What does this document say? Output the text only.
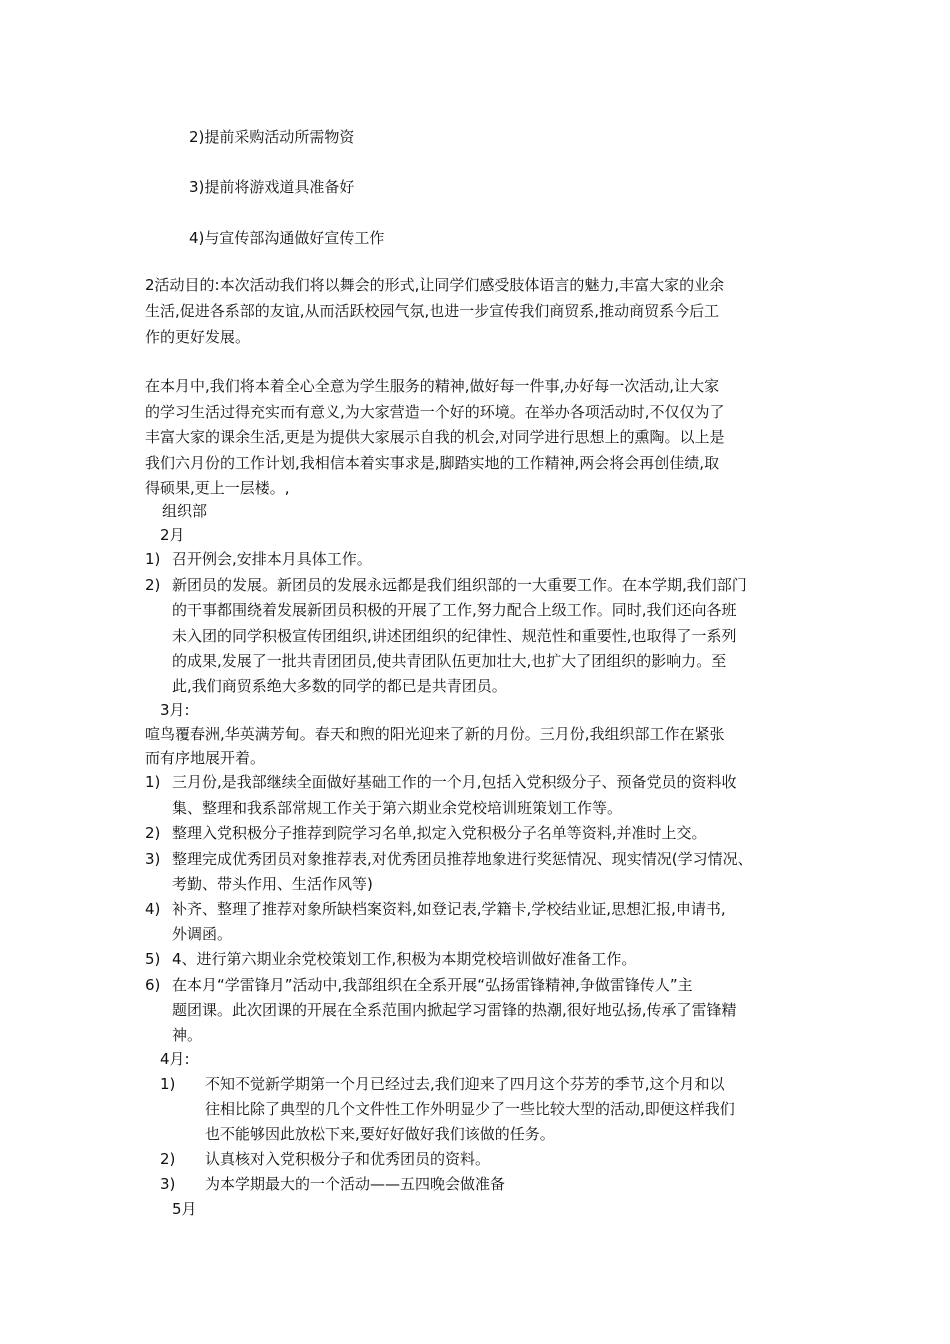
2)提前采购活动所需物资
3)提前将游戏道具准备好
4)与宣传部沟通做好宣传工作
2活动目的:本次活动我们将以舞会的形式,让同学们感受肢体语言的魅力,丰富大家的业余
生活,促进各系部的友谊,从而活跃校园气氛,也进一步宣传我们商贸系,推动商贸系今后工
作的更好发展。
在本月中,我们将本着全心全意为学生服务的精神,做好每一件事,办好每一次活动,让大家
的学习生活过得充实而有意义,为大家营造一个好的环境。在举办各项活动时,不仅仅为了
丰富大家的课余生活,更是为提供大家展示自我的机会,对同学进行思想上的熏陶。以上是
我们六月份的工作计划,我相信本着实事求是,脚踏实地的工作精神,两会将会再创佳绩,取
得硕果,更上一层楼。,
组织部
2月
1) 召开例会,安排本月具体工作。
2) 新团员的发展。新团员的发展永远都是我们组织部的一大重要工作。在本学期,我们部门
的干事都围绕着发展新团员积极的开展了工作,努力配合上级工作。同时,我们还向各班
未入团的同学积极宣传团组织,讲述团组织的纪律性、规范性和重要性,也取得了一系列
的成果,发展了一批共青团团员,使共青团队伍更加壮大,也扩大了团组织的影响力。至
此,我们商贸系绝大多数的同学的都已是共青团员。
3月:
喧鸟覆春洲,华英满芳甸。春天和煦的阳光迎来了新的月份。三月份,我组织部工作在紧张
而有序地展开着。
1) 三月份,是我部继续全面做好基础工作的一个月,包括入党积级分子、预备党员的资料收
集、整理和我系部常规工作关于第六期业余党校培训班策划工作等。
2) 整理入党积极分子推荐到院学习名单,拟定入党积极分子名单等资料,并准时上交。
3) 整理完成优秀团员对象推荐表,对优秀团员推荐地象进行奖惩情况、现实情况(学习情况、
考勤、带头作用、生活作风等)
4) 补齐、整理了推荐对象所缺档案资料,如登记表,学籍卡,学校结业证,思想汇报,申请书,
外调函。
5) 4、进行第六期业余党校策划工作,积极为本期党校培训做好准备工作。
6) 在本月“学雷锋月”活动中,我部组织在全系开展“弘扬雷锋精神,争做雷锋传人”主
题团课。此次团课的开展在全系范围内掀起学习雷锋的热潮,很好地弘扬,传承了雷锋精
神。
4月:
1) 不知不觉新学期第一个月已经过去,我们迎来了四月这个芬芳的季节,这个月和以
往相比除了典型的几个文件性工作外明显少了一些比较大型的活动,即便这样我们
也不能够因此放松下来,要好好做好我们该做的任务。
2) 认真核对入党积极分子和优秀团员的资料。
3) 为本学期最大的一个活动——五四晚会做准备
5月
